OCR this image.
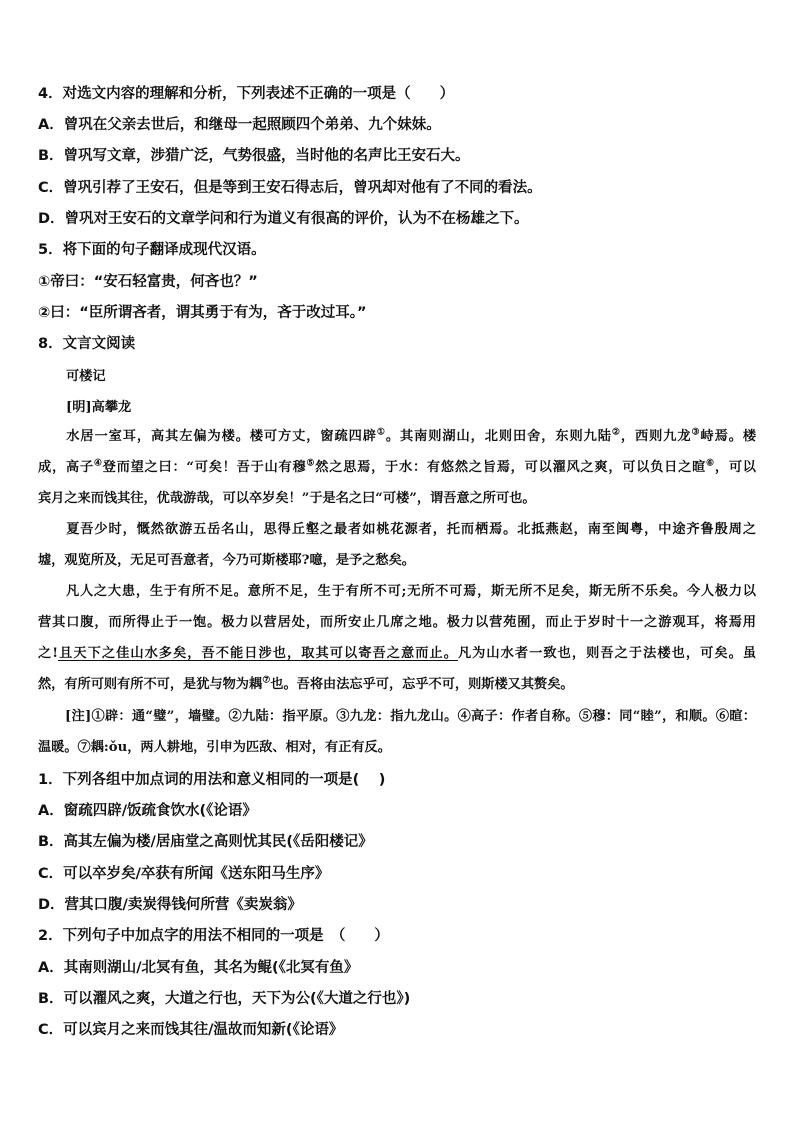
4．对选文内容的理解和分析，下列表述不正确的一项是（　　）
A．曾巩在父亲去世后，和继母一起照顾四个弟弟、九个妹妹。
B．曾巩写文章，涉猎广泛，气势很盛，当时他的名声比王安石大。
C．曾巩引荐了王安石，但是等到王安石得志后，曾巩却对他有了不同的看法。
D．曾巩对王安石的文章学问和行为道义有很高的评价，认为不在杨雄之下。
5．将下面的句子翻译成现代汉语。
①帝曰：“安石轻富贵，何吝也？”
②曰：“臣所谓吝者，谓其勇于有为，吝于改过耳。”
8．文言文阅读
可楼记
[明]高攀龙
　　水居一室耳，高其左偏为楼。楼可方丈，窗疏四辟①。其南则湖山，北则田舍，东则九陆②，西则九龙③峙焉。楼
成，高子④登而望之曰：“可矣！吾于山有穆⑤然之思焉，于水：有悠然之旨焉，可以濯风之爽，可以负日之暄⑥，可以
宾月之来而饯其往，优哉游哉，可以卒岁矣！”于是名之曰“可楼”，谓吾意之所可也。
　　夏吾少时，慨然欲游五岳名山，思得丘壑之最者如桃花源者，托而栖焉。北抵燕赵，南至闽粤，中途齐鲁殷周之
墟，观览所及，无足可吾意者，今乃可斯楼耶?噫，是予之愁矣。
　　凡人之大患，生于有所不足。意所不足，生于有所不可;无所不可焉，斯无所不足矣，斯无所不乐矣。今人极力以
营其口腹，而所得止于一饱。极力以营居处，而所安止几席之地。极力以营苑囿，而止于岁时十一之游观耳，将焉用
之!且天下之佳山水多矣，吾不能日涉也，取其可以寄吾之意而止。凡为山水者一致也，则吾之于法楼也，可矣。虽
然，有所可则有所不可，是犹与物为耦⑦也。吾将由法忘乎可，忘乎不可，则斯楼又其赘矣。
　　[注]①辟：通“璧”，墙璧。②九陆：指平原。③九龙：指九龙山。④高子：作者自称。⑤穆：同“睦”，和顺。⑥暄：
温暖。⑦耦:ǒu，两人耕地，引申为匹敌、相对，有正有反。
1．下列各组中加点词的用法和意义相同的一项是(　 )
A．窗疏四辟/饭疏食饮水(《论语》
B．高其左偏为楼/居庙堂之高则忧其民(《岳阳楼记》
C．可以卒岁矣/卒获有所闻《送东阳马生序》
D．营其口腹/卖炭得钱何所营《卖炭翁》
2．下列句子中加点字的用法不相同的一项是　（　　）
A．其南则湖山/北冥有鱼，其名为鲲(《北冥有鱼》
B．可以濯风之爽，大道之行也，天下为公(《大道之行也》)
C．可以宾月之来而饯其往/温故而知新(《论语》
